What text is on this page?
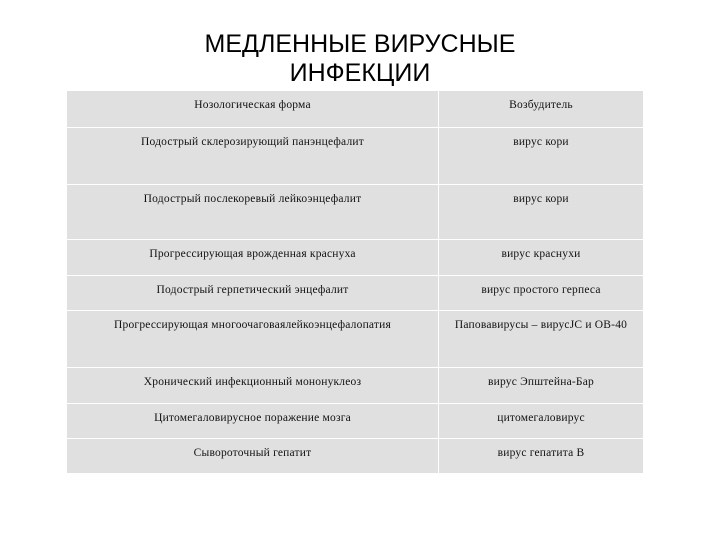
МЕДЛЕННЫЕ ВИРУСНЫЕ
ИНФЕКЦИИ
Нозологическая форма	Возбудитель
Подострый склерозирующий панэнцефалит	вирус кори
Подострый послекоревый лейкоэнцефалит	вирус кори
Прогрессирующая врожденная краснуха	вирус краснухи
Подострый герпетический энцефалит	вирус простого герпеса
Прогрессирующая многоочаговаялейкоэнцефалопатия	Паповавирусы – вирусJC и OB-40
Хронический инфекционный мононуклеоз	вирус Эпштейна-Бар
Цитомегаловирусное поражение мозга	цитомегаловирус
Сывороточный гепатит	вирус гепатита В
